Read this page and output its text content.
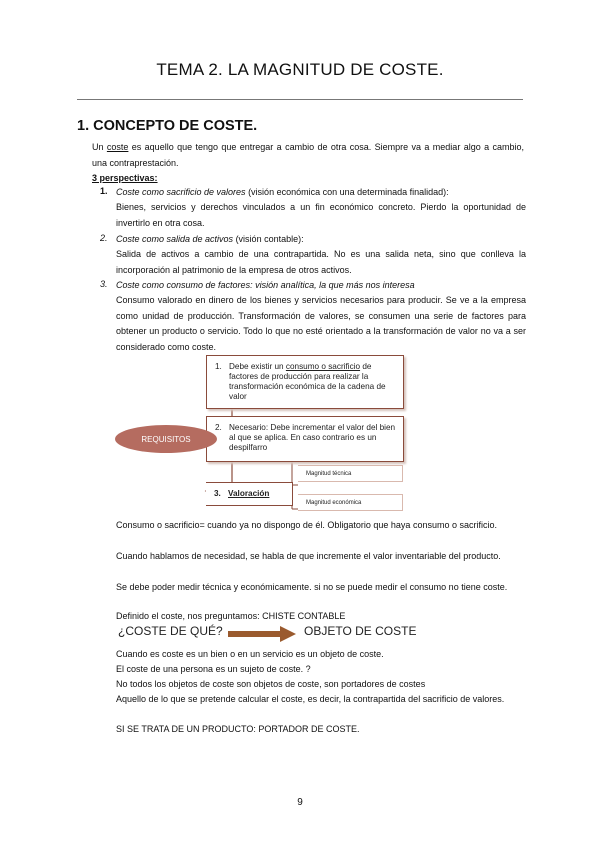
TEMA 2. LA MAGNITUD DE COSTE.
1. CONCEPTO DE COSTE.
Un coste es aquello que tengo que entregar a cambio de otra cosa. Siempre va a mediar algo a cambio, una contraprestación.
3 perspectivas:
1. Coste como sacrificio de valores (visión económica con una determinada finalidad):
Bienes, servicios y derechos vinculados a un fin económico concreto. Pierdo la oportunidad de invertirlo en otra cosa.
2. Coste como salida de activos (visión contable):
Salida de activos a cambio de una contrapartida. No es una salida neta, sino que conlleva la incorporación al patrimonio de la empresa de otros activos.
3. Coste como consumo de factores: visión analítica, la que más nos interesa
Consumo valorado en dinero de los bienes y servicios necesarios para producir. Se ve a la empresa como unidad de producción. Transformación de valores, se consumen una serie de factores para obtener un producto o servicio. Todo lo que no esté orientado a la transformación de valor no va a ser considerado como coste.
1. Debe existir un consumo o sacrificio de factores de producción para realizar la transformación económica de la cadena de valor
2. Necesario: Debe incrementar el valor del bien al que se aplica. En caso contrario es un despilfarro
3. Valoración
Magnitud técnica
Magnitud económica
REQUISITOS
Consumo o sacrificio= cuando ya no dispongo de él. Obligatorio que haya consumo o sacrificio.
Cuando hablamos de necesidad, se habla de que incremente el valor inventariable del producto.
Se debe poder medir técnica y económicamente. si no se puede medir el consumo no tiene coste.
Definido el coste, nos preguntamos: CHISTE CONTABLE
¿COSTE DE QUÉ?	OBJETO DE COSTE
Cuando es coste es un bien o en un servicio es un objeto de coste.
El coste de una persona es un sujeto de coste. ?
No todos los objetos de coste son objetos de coste, son portadores de costes
Aquello de lo que se pretende calcular el coste, es decir, la contrapartida del sacrificio de valores.
SI SE TRATA DE UN PRODUCTO: PORTADOR DE COSTE.
9
